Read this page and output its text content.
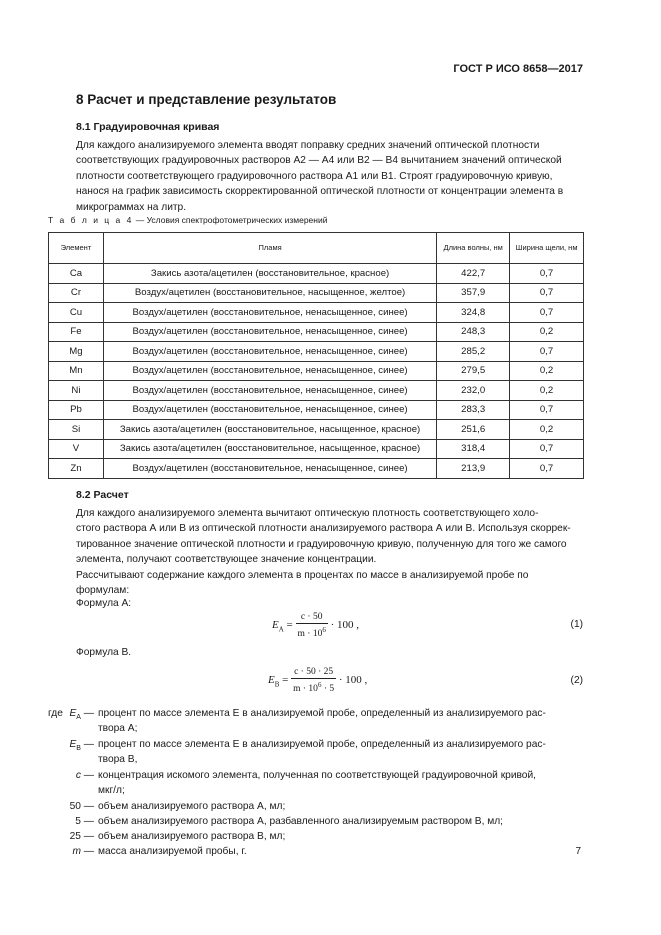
ГОСТ Р ИСО 8658—2017
8 Расчет и представление результатов
8.1 Градуировочная кривая
Для каждого анализируемого элемента вводят поправку средних значений оптической плотности
соответствующих градуировочных растворов А2 — А4 или В2 — В4 вычитанием значений оптической
плотности соответствующего градуировочного раствора А1 или В1. Строят градуировочную кривую,
нанося на график зависимость скорректированной оптической плотности от концентрации элемента в
микрограммах на литр.
Т а б л и ц а 4 — Условия спектрофотометрических измерений
Элемент	Пламя	Длина волны, нм	Ширина щели, нм
Ca	Закись азота/ацетилен (восстановительное, красное)	422,7	0,7
Cr	Воздух/ацетилен (восстановительное, насыщенное, желтое)	357,9	0,7
Cu	Воздух/ацетилен (восстановительное, ненасыщенное, синее)	324,8	0,7
Fe	Воздух/ацетилен (восстановительное, ненасыщенное, синее)	248,3	0,2
Mg	Воздух/ацетилен (восстановительное, ненасыщенное, синее)	285,2	0,7
Mn	Воздух/ацетилен (восстановительное, ненасыщенное, синее)	279,5	0,2
Ni	Воздух/ацетилен (восстановительное, ненасыщенное, синее)	232,0	0,2
Pb	Воздух/ацетилен (восстановительное, ненасыщенное, синее)	283,3	0,7
Si	Закись азота/ацетилен (восстановительное, насыщенное, красное)	251,6	0,2
V	Закись азота/ацетилен (восстановительное, насыщенное, красное)	318,4	0,7
Zn	Воздух/ацетилен (восстановительное, ненасыщенное, синее)	213,9	0,7
8.2 Расчет
Для каждого анализируемого элемента вычитают оптическую плотность соответствующего холо-
стого раствора А или В из оптической плотности анализируемого раствора А или В. Используя скоррек-
тированное значение оптической плотности и градуировочную кривую, полученную для того же самого
элемента, получают соответствующее значение концентрации.
Рассчитывают содержание каждого элемента в процентах по массе в анализируемой пробе по
формулам:
Формула А:
$E_A = \frac{c \cdot 50}{m \cdot 10^6} \cdot 100$ ,	(1)
Формула В.
$E_B = \frac{c \cdot 50 \cdot 25}{m \cdot 10^6 \cdot 5} \cdot 100$ ,	(2)
где $E_A$ — процент по массе элемента E в анализируемой пробе, определенный из анализируемого рас-
твора А;
$E_B$ — процент по массе элемента E в анализируемой пробе, определенный из анализируемого рас-
твора В,
c — концентрация искомого элемента, полученная по соответствующей градуировочной кривой,
мкг/л;
50 — объем анализируемого раствора А, мл;
5 — объем анализируемого раствора А, разбавленного анализируемым раствором В, мл;
25 — объем анализируемого раствора В, мл;
m — масса анализируемой пробы, г.	7
